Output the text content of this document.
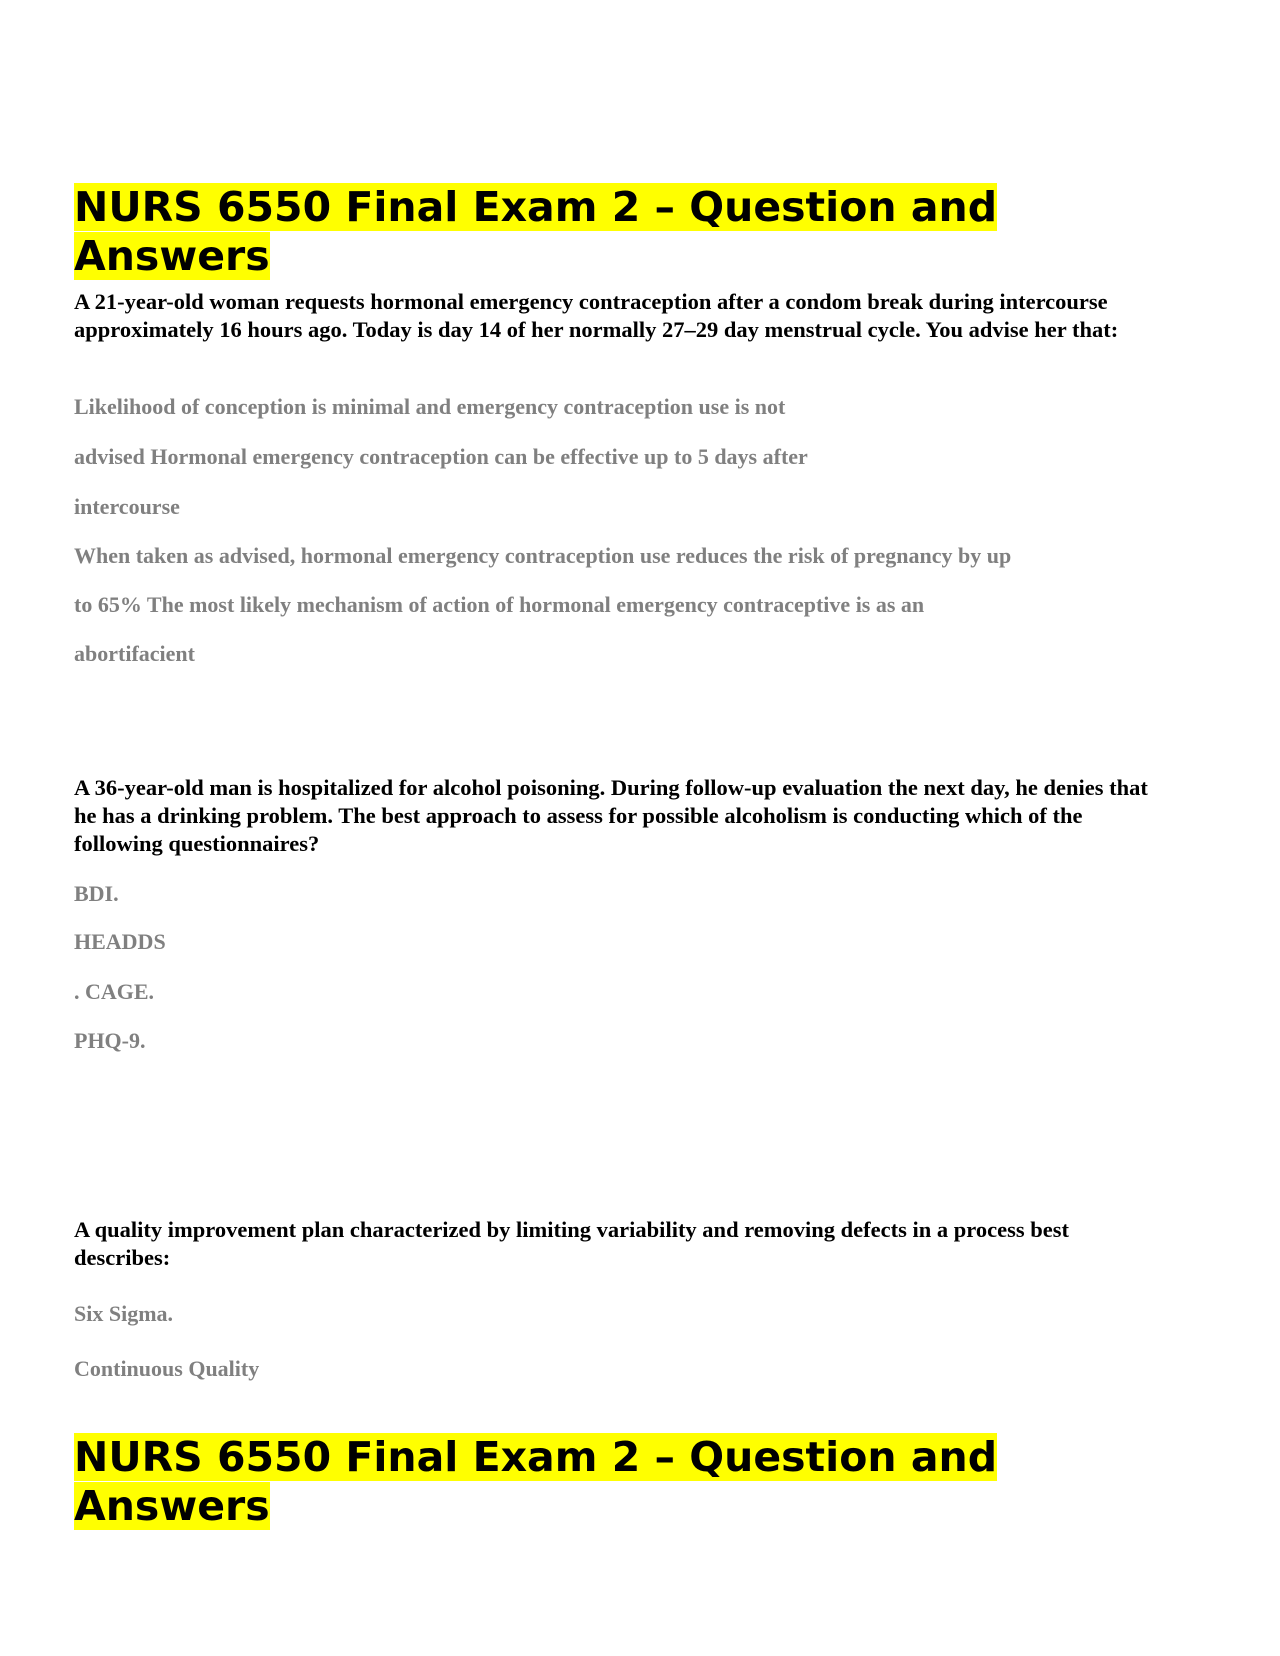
NURS 6550 Final Exam 2 – Question and Answers

A 21-year-old woman requests hormonal emergency contraception after a condom break during intercourse approximately 16 hours ago. Today is day 14 of her normally 27–29 day menstrual cycle. You advise her that:

Likelihood of conception is minimal and emergency contraception use is not
advised Hormonal emergency contraception can be effective up to 5 days after
intercourse
When taken as advised, hormonal emergency contraception use reduces the risk of pregnancy by up
to 65% The most likely mechanism of action of hormonal emergency contraceptive is as an
abortifacient

A 36-year-old man is hospitalized for alcohol poisoning. During follow-up evaluation the next day, he denies that he has a drinking problem. The best approach to assess for possible alcoholism is conducting which of the following questionnaires?

BDI.
HEADDS
. CAGE.
PHQ-9.

A quality improvement plan characterized by limiting variability and removing defects in a process best describes:

Six Sigma.
Continuous Quality
NURS 6550 Final Exam 2 – Question and Answers
